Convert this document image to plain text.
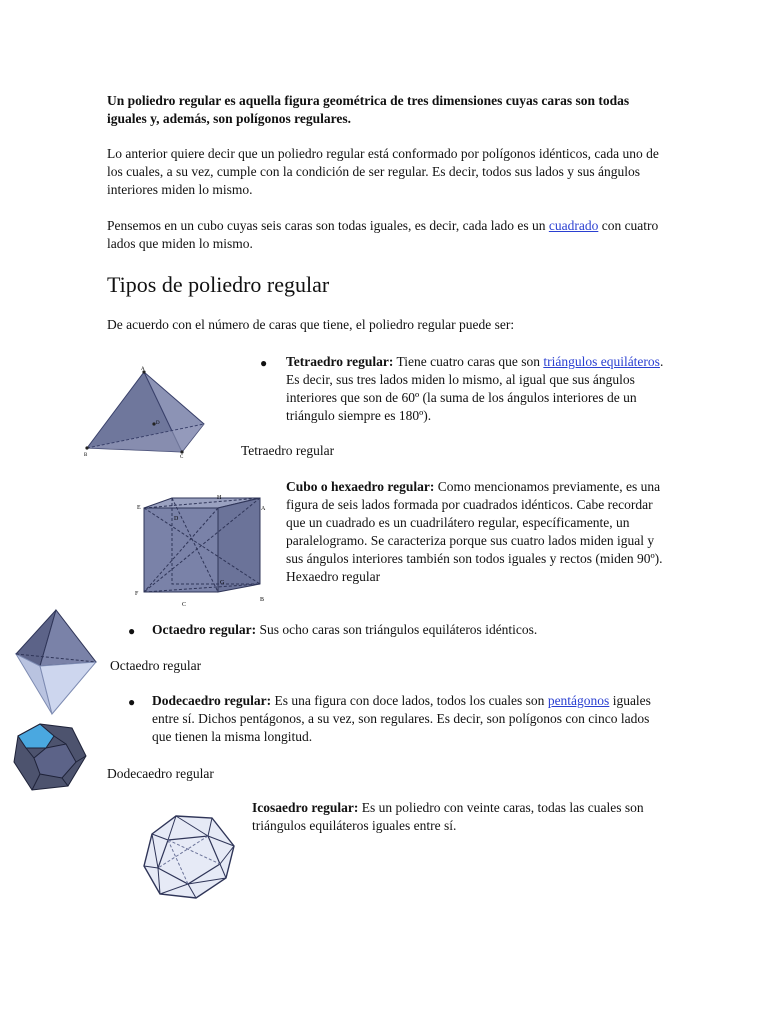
Un poliedro regular es aquella figura geométrica de tres dimensiones cuyas caras son todas iguales y, además, son polígonos regulares.

Lo anterior quiere decir que un poliedro regular está conformado por polígonos idénticos, cada uno de los cuales, a su vez, cumple con la condición de ser regular. Es decir, todos sus lados y sus ángulos interiores miden lo mismo.

Pensemos en un cubo cuyas seis caras son todas iguales, es decir, cada lado es un cuadrado con cuatro lados que miden lo mismo.

Tipos de poliedro regular

De acuerdo con el número de caras que tiene, el poliedro regular puede ser:

A
B	C
D
● Tetraedro regular: Tiene cuatro caras que son triángulos equiláteros. Es decir, sus tres lados miden lo mismo, al igual que sus ángulos interiores que son de 60º (la suma de los ángulos interiores de un triángulo siempre es 180º).

Tetraedro regular
E
H
A
D
F
C
B
G

Cubo o hexaedro regular: Como mencionamos previamente, es una figura de seis lados formada por cuadrados idénticos. Cabe recordar que un cuadrado es un cuadrilátero regular, específicamente, un paralelogramo. Se caracteriza porque sus cuatro lados miden igual y sus ángulos interiores también son todos iguales y rectos (miden 90º).
Hexaedro regular

● Octaedro regular: Sus ocho caras son triángulos equiláteros idénticos.

Octaedro regular
● Dodecaedro regular: Es una figura con doce lados, todos los cuales son pentágonos iguales entre sí. Dichos pentágonos, a su vez, son regulares. Es decir, son polígonos con cinco lados que tienen la misma longitud.

Dodecaedro regular

Icosaedro regular: Es un poliedro con veinte caras, todas las cuales son triángulos equiláteros iguales entre sí.
